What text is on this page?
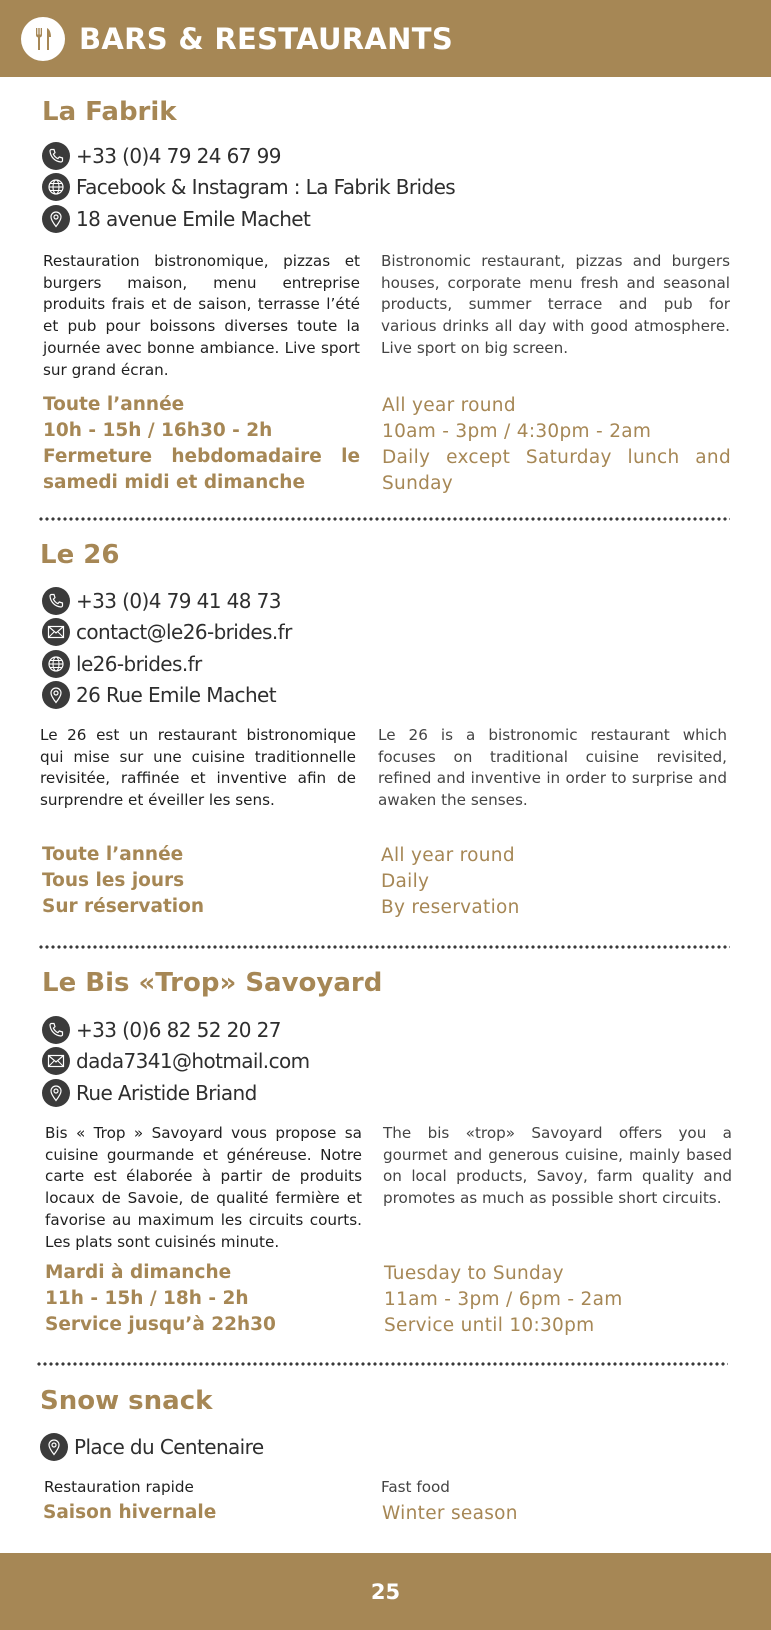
BARS & RESTAURANTS
La Fabrik
+33 (0)4 79 24 67 99
Facebook & Instagram : La Fabrik Brides
18 avenue Emile Machet
Restauration bistronomique, pizzas et burgers maison, menu entreprise produits frais et de saison, terrasse l’été et pub pour boissons diverses toute la journée avec bonne ambiance. Live sport sur grand écran.
Bistronomic restaurant, pizzas and burgers houses, corporate menu fresh and seasonal products, summer terrace and pub for various drinks all day with good atmosphere. Live sport on big screen.
Toute l’année
10h - 15h / 16h30 - 2h
Fermeture hebdomadaire le samedi midi et dimanche
All year round
10am - 3pm / 4:30pm - 2am
Daily except Saturday lunch and Sunday
Le 26
+33 (0)4 79 41 48 73
contact@le26-brides.fr
le26-brides.fr
26 Rue Emile Machet
Le 26 est un restaurant bistronomique qui mise sur une cuisine traditionnelle revisitée, raffinée et inventive afin de surprendre et éveiller les sens.
Le 26 is a bistronomic restaurant which focuses on traditional cuisine revisited, refined and inventive in order to surprise and awaken the senses.
Toute l’année
Tous les jours
Sur réservation
All year round
Daily
By reservation
Le Bis «Trop» Savoyard
+33 (0)6 82 52 20 27
dada7341@hotmail.com
Rue Aristide Briand
Bis « Trop » Savoyard vous propose sa cuisine gourmande et généreuse. Notre carte est élaborée à partir de produits locaux de Savoie, de qualité fermière et favorise au maximum les circuits courts. Les plats sont cuisinés minute.
The bis «trop» Savoyard offers you a gourmet and generous cuisine, mainly based on local products, Savoy, farm quality and promotes as much as possible short circuits.
Mardi à dimanche
11h - 15h / 18h - 2h
Service jusqu’à 22h30
Tuesday to Sunday
11am - 3pm / 6pm - 2am
Service until 10:30pm
Snow snack
Place du Centenaire
Restauration rapide	Fast food
Saison hivernale	Winter season
25
